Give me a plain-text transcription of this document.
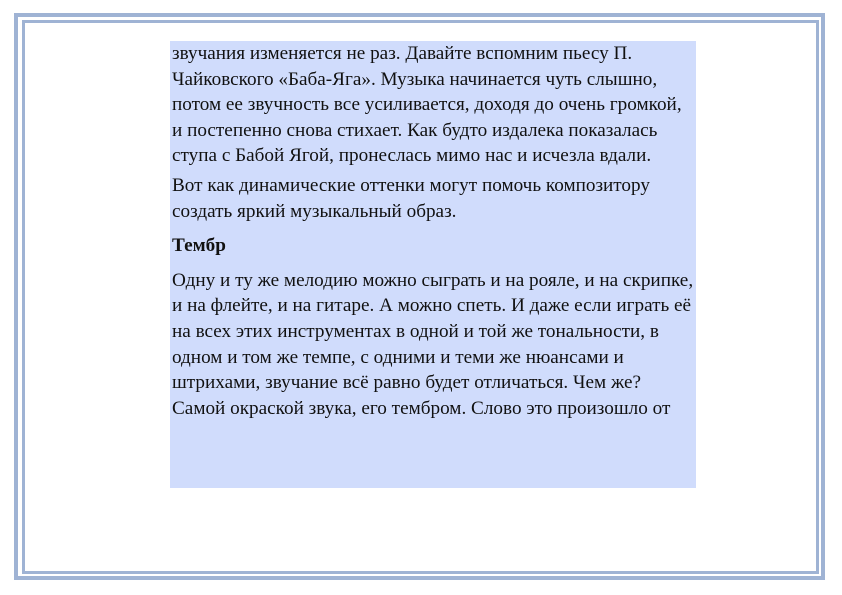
звучания изменяется не раз. Давайте вспомним пьесу П. Чайковского «Баба-Яга». Музыка начинается чуть слышно, потом ее звучность все усиливается, доходя до очень громкой, и постепенно снова стихает. Как будто издалека показалась ступа с Бабой Ягой, пронеслась мимо нас и исчезла вдали.

Вот как динамические оттенки могут помочь композитору создать яркий музыкальный образ.

Тембр

Одну и ту же мелодию можно сыграть и на рояле, и на скрипке, и на флейте, и на гитаре. А можно спеть. И даже если играть её на всех этих инструментах в одной и той же тональности, в одном и том же темпе, с одними и теми же нюансами и штрихами, звучание всё равно будет отличаться. Чем же? Самой окраской звука, его тембром. Слово это произошло от
